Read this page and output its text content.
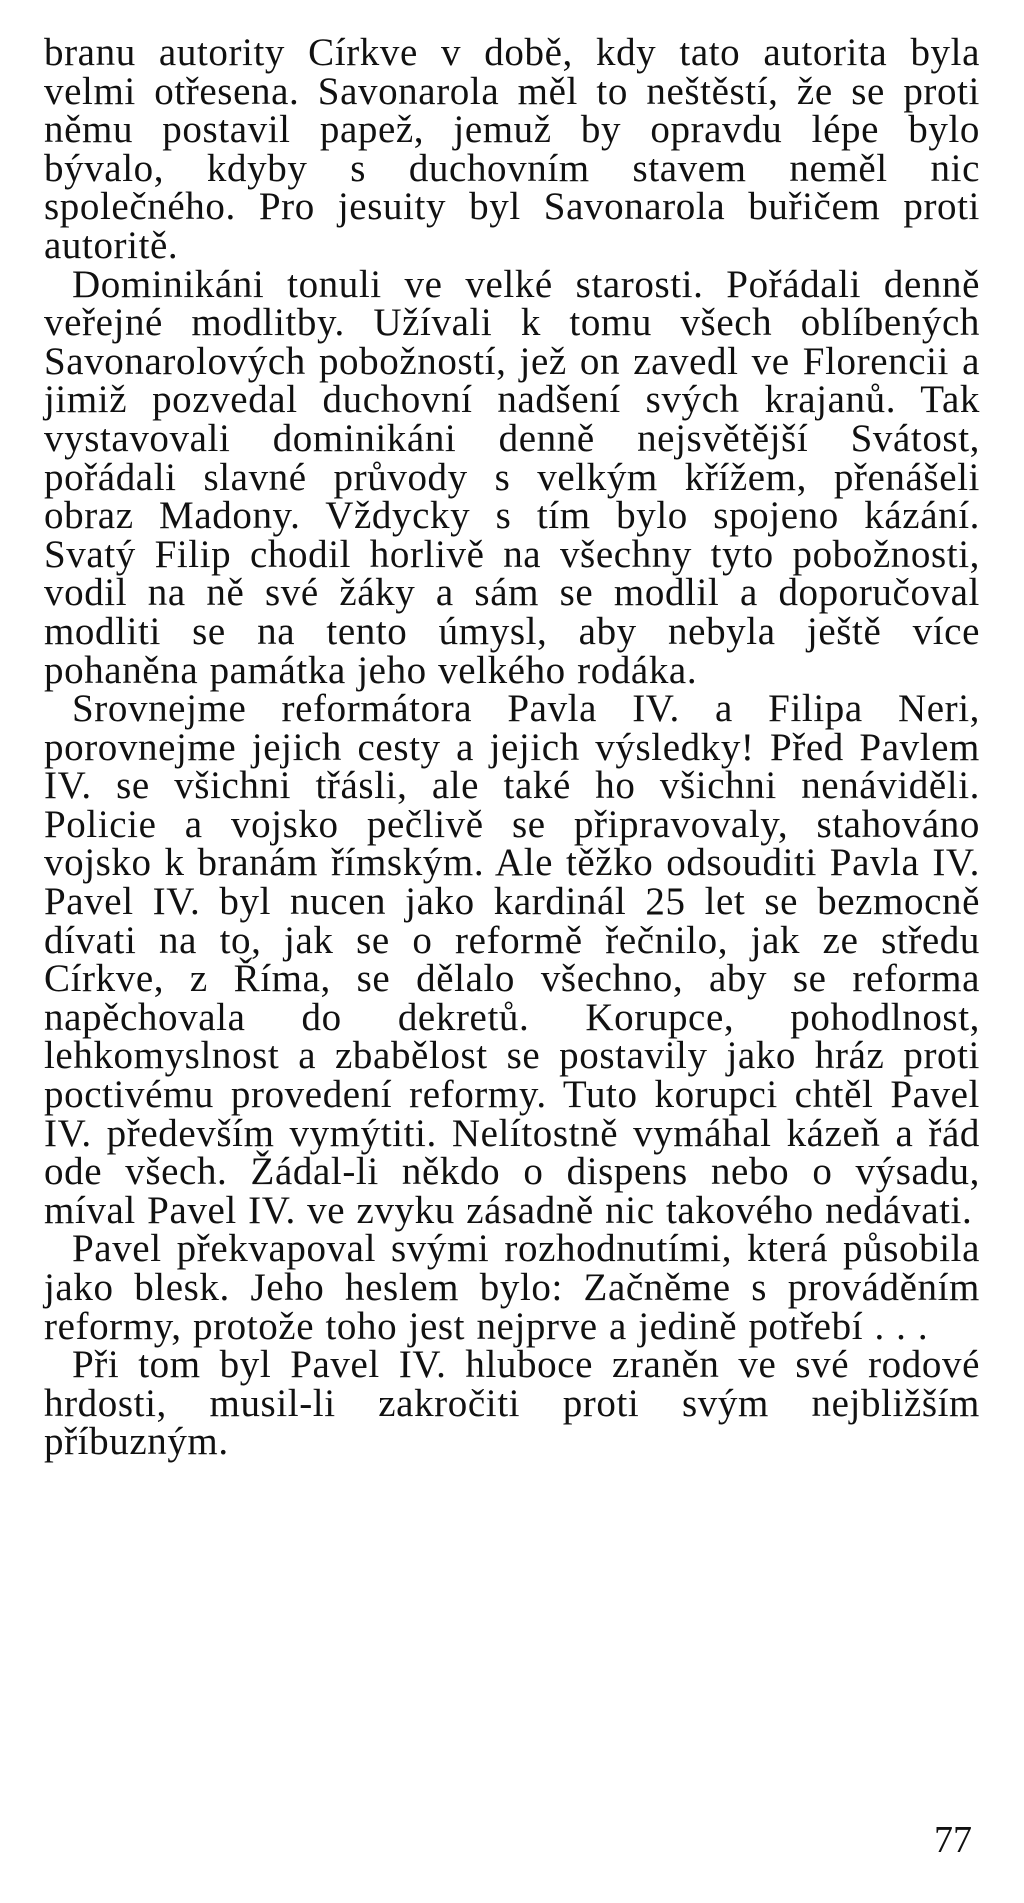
branu autority Církve v době, kdy tato autorita byla velmi otřesena. Savonarola měl to neštěstí, že se proti němu postavil papež, jemuž by opravdu lépe bylo bývalo, kdyby s duchovním stavem neměl nic společného. Pro jesuity byl Savonarola buřičem proti autoritě.

Dominikáni tonuli ve velké starosti. Pořádali denně veřejné modlitby. Užívali k tomu všech oblíbených Savonarolových pobožností, jež on zavedl ve Florencii a jimiž pozvedal duchovní nadšení svých krajanů. Tak vystavovali dominikáni denně nejsvětější Svátost, pořádali slavné průvody s velkým křížem, přenášeli obraz Madony. Vždycky s tím bylo spojeno kázání. Svatý Filip chodil horlivě na všechny tyto pobožnosti, vodil na ně své žáky a sám se modlil a doporučoval modliti se na tento úmysl, aby nebyla ještě více pohaněna památka jeho velkého rodáka.

Srovnejme reformátora Pavla IV. a Filipa Neri, porovnejme jejich cesty a jejich výsledky! Před Pavlem IV. se všichni třásli, ale také ho všichni nenáviděli. Policie a vojsko pečlivě se připravovaly, stahováno vojsko k branám římským. Ale těžko odsouditi Pavla IV. Pavel IV. byl nucen jako kardinál 25 let se bezmocně dívati na to, jak se o reformě řečnilo, jak ze středu Církve, z Říma, se dělalo všechno, aby se reforma napěchovala do dekretů. Korupce, pohodlnost, lehkomyslnost a zbabělost se postavily jako hráz proti poctivému provedení reformy. Tuto korupci chtěl Pavel IV. především vymýtiti. Nelítostně vymáhal kázeň a řád ode všech. Žádal-li někdo o dispens nebo o výsadu, míval Pavel IV. ve zvyku zásadně nic takového nedávati.

Pavel překvapoval svými rozhodnutími, která působila jako blesk. Jeho heslem bylo: Začněme s prováděním reformy, protože toho jest nejprve a jedině potřebí . . .

Při tom byl Pavel IV. hluboce zraněn ve své rodové hrdosti, musil-li zakročiti proti svým nejbližším příbuzným.

77
